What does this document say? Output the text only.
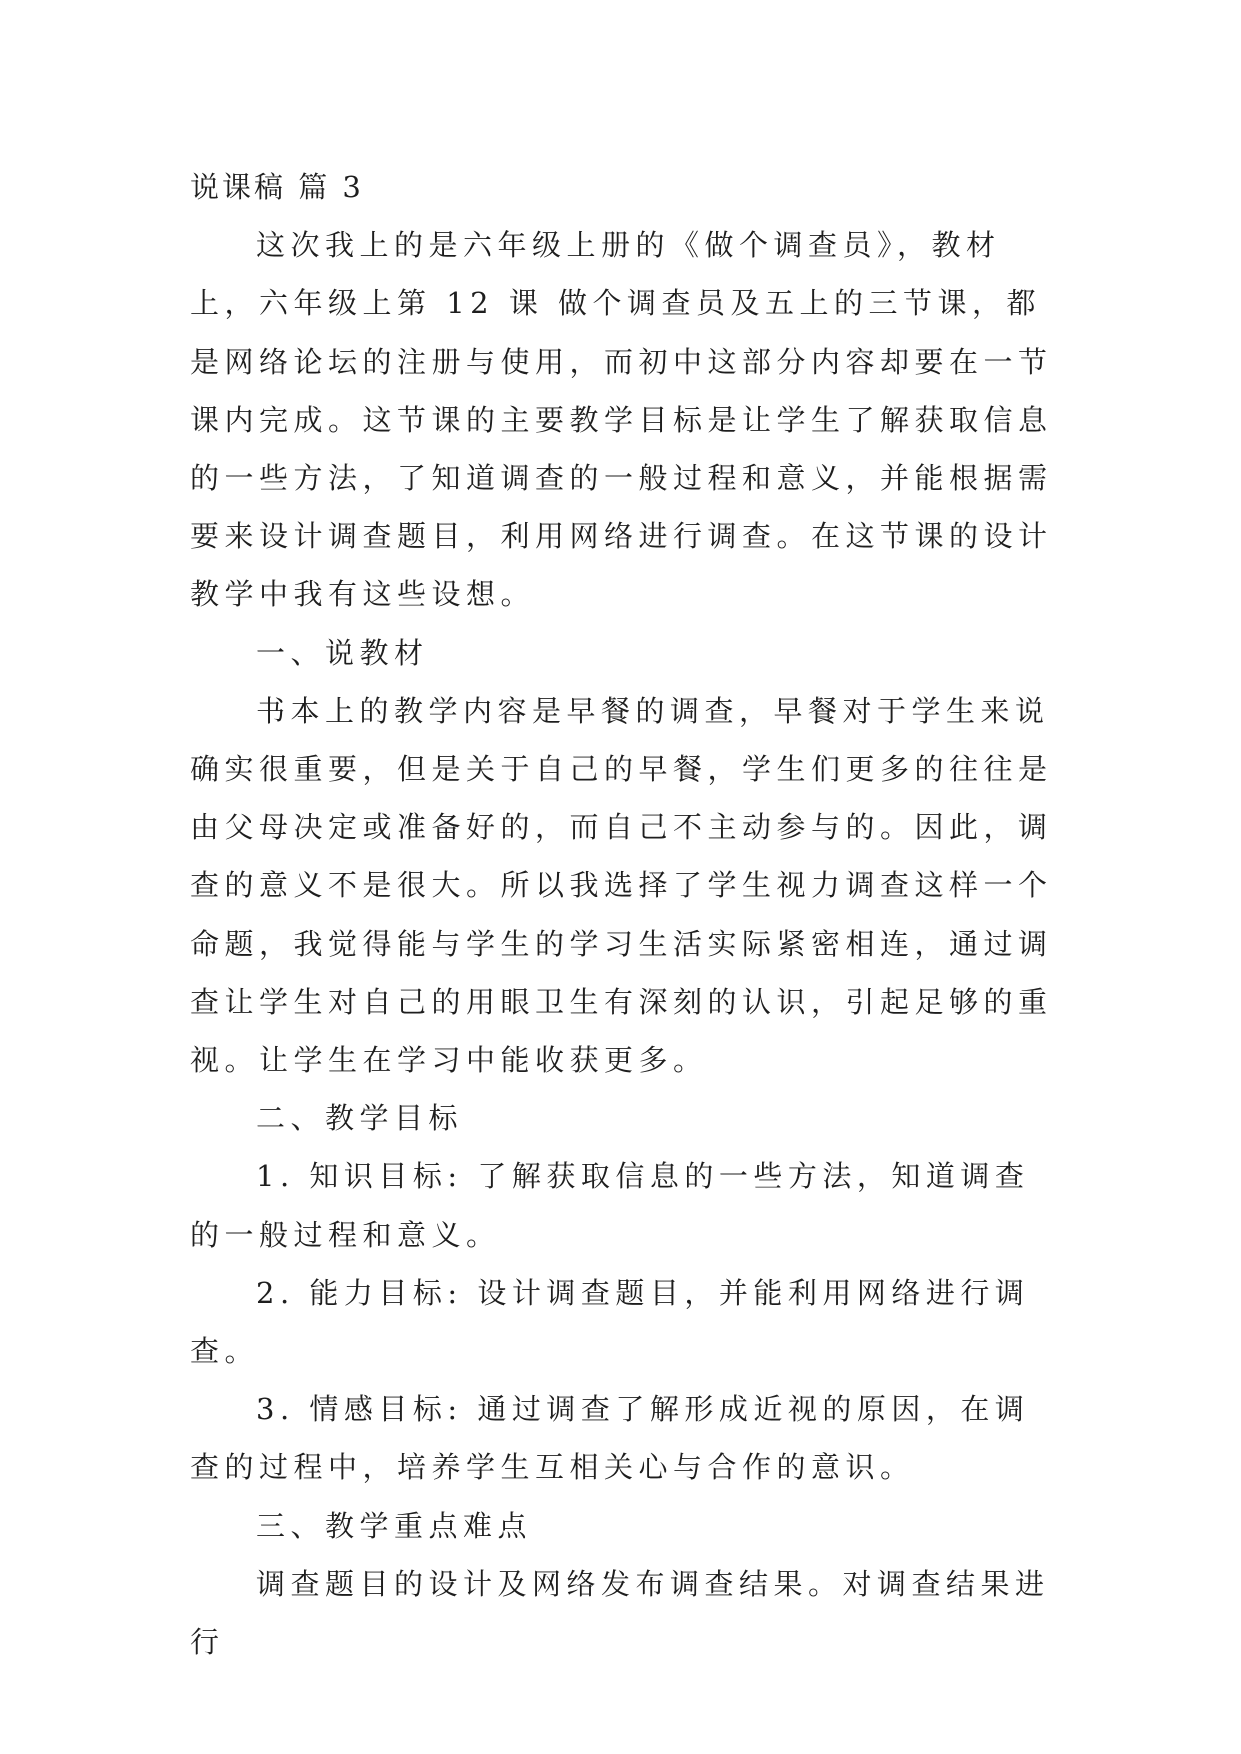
说课稿 篇 3

这次我上的是六年级上册的《做个调查员》，教材上，六年级上第 12 课 做个调查员及五上的三节课，都是网络论坛的注册与使用，而初中这部分内容却要在一节课内完成。这节课的主要教学目标是让学生了解获取信息的一些方法，了知道调查的一般过程和意义，并能根据需要来设计调查题目，利用网络进行调查。在这节课的设计教学中我有这些设想。

一、说教材

书本上的教学内容是早餐的调查，早餐对于学生来说确实很重要，但是关于自己的早餐，学生们更多的往往是由父母决定或准备好的，而自己不主动参与的。因此，调查的意义不是很大。所以我选择了学生视力调查这样一个命题，我觉得能与学生的学习生活实际紧密相连，通过调查让学生对自己的用眼卫生有深刻的认识，引起足够的重视。让学生在学习中能收获更多。

二、教学目标

1. 知识目标: 了解获取信息的一些方法，知道调查的一般过程和意义。

2. 能力目标: 设计调查题目，并能利用网络进行调查。

3. 情感目标: 通过调查了解形成近视的原因，在调查的过程中，培养学生互相关心与合作的意识。

三、教学重点难点

调查题目的设计及网络发布调查结果。对调查结果进行
